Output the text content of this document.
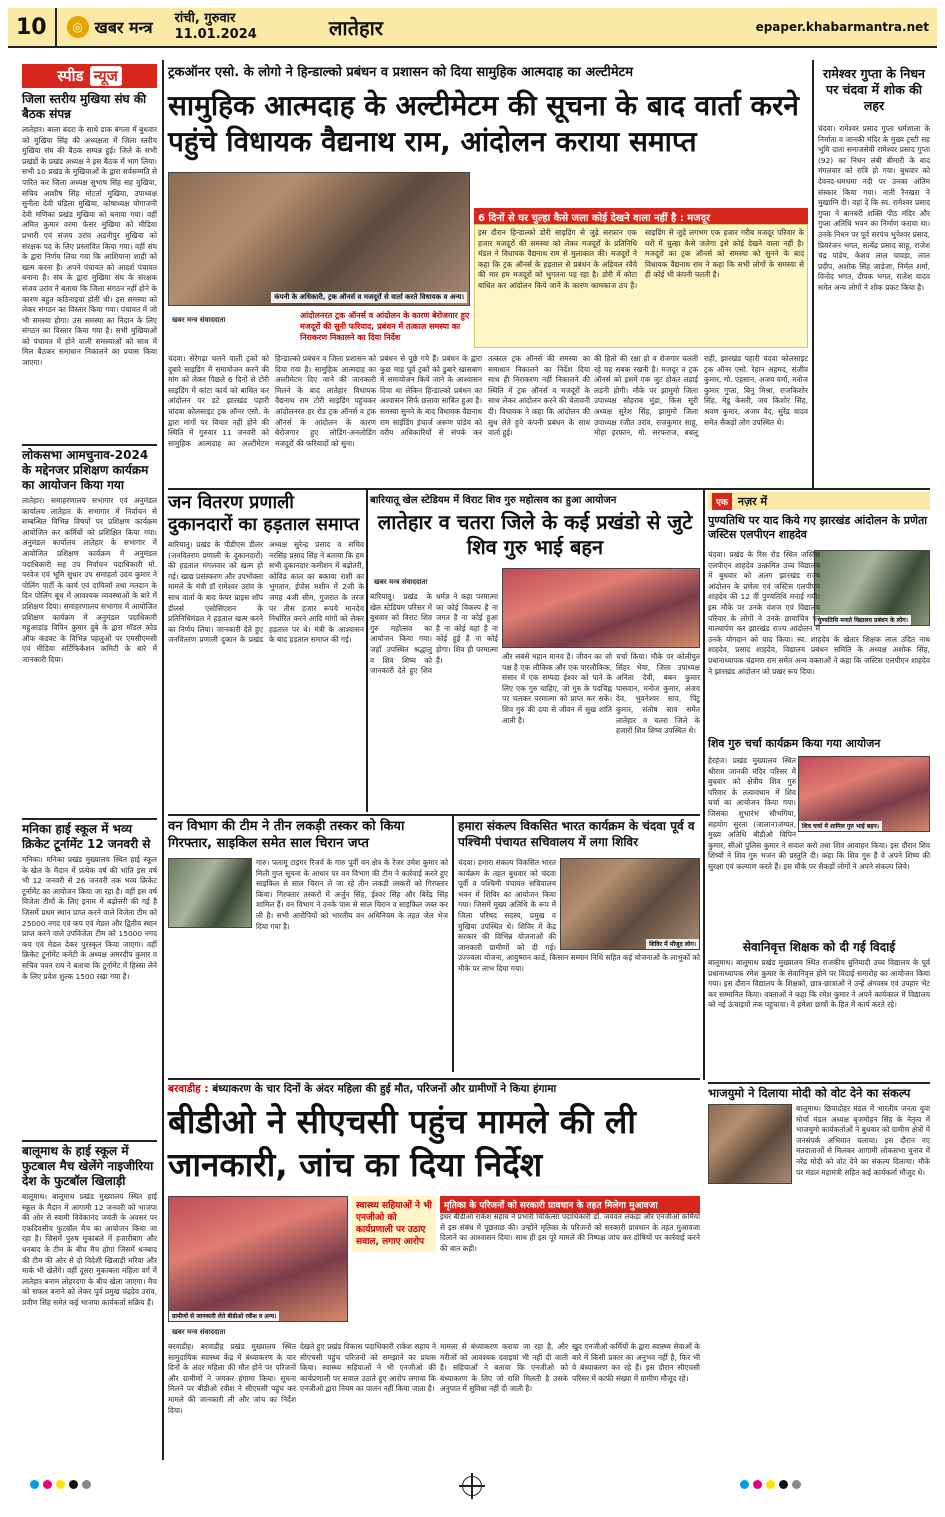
10	◎ खबर मन्त्र रांची, गुरुवार
11.01.2024	लातेहार	epaper.khabarmantra.net
स्पीड न्यूज
जिला स्तरीय मुखिया संघ की बैठक संपन्न
लातेहार। बाला बंदरा के साथे डाक बंगला में बुधवार को मुखिया सिंह की अध्यक्षता में जिला स्तरीय मुखिया संघ की बैठक सम्पन्न हुई। जिले के सभी प्रखंडों के प्रखंड अध्यक्ष ने इस बैठक में भाग लिया। सभी 10 प्रखंड के मुखियाओं के द्वारा सर्वसम्मति से पारित कर जिला अध्यक्ष सुभाष सिंह सह मुखिया, सचिव आशीष सिंह मोटर्ता मुखिया, उपाध्यक्ष सुनीता देवी चंडिला मुखिया, कोषाध्यक्ष योगाजनी देवी मणिका प्रखंड मुखिया को बनाया गया। वहीं अमित कुमार वरमा फेसर मुखिया को मीडिया प्रभारी एवं संजय उरांव अडनीपुर मुखिया को संरक्षक पद के लिए प्रस्तावित किया गया। वहीं संघ के द्वारा निर्णय लिया गया कि आशियाना शाही को खत्म करना है। अपने पंचायत को आदर्श पंचायत बनाना है। संघ के द्वारा मुखिया संघ के संरक्षक संजय उरांव ने बताया कि जिला संगठन नहीं होने के कारण बहुत कठिनाइयां होती थी। इस समस्या को लेकर संगठन का विस्तार किया गया। पंचायत में जो भी समस्या होगा। उस समस्या का निदान के लिए संगठन का विस्तार किया गया है। सभी मुखियाओं को पंचायत में होने वाली समस्याओं को साथ में मिल बैठकर समाधान निकालने का प्रयास किया जाएगा।
लोकसभा आमचुनाव-2024 के मद्देनजर प्रशिक्षण कार्यक्रम का आयोजन किया गया
लातेहार। समाहरणालय सभागार एवं अनुमंडल कार्यालय लातेहार के सभागार में निर्वाचन से सम्बन्धित विभिन्न विषयों पर प्रशिक्षण कार्यक्रम आयोजित कर कर्मियों को प्रशिक्षित किया गया। अनुमंडल कार्यालय लातेहार के सभागार में आयोजित प्रशिक्षण कार्यक्रम में अनुमंडल पदाधिकारी सह उप निर्वाचन पदाधिकारी मो. परवेज एवं भूमि सुधार उप समाहर्ता उदय कुमार ने पोलिंग पार्टी के कार्य एवं दायित्वों तथा मतदान के दिन पोलिंग बूथ में आवश्यक व्यवस्थाओं के बारे में प्रशिक्षण दिया। समाहरणालय सभागार में आयोजित प्रशिक्षण कार्यक्रम में अनुमंडल पदाधिकारी महुआडांड़ विपिन कुमार दुबे के द्वारा मॉडल कोड ऑफ कंडक्ट के विभिन्न पहलुओं पर एमसीएमसी एवं मीडिया सर्टिफिकेशन कमिटी के बारे में जानकारी दिया।
मनिका हाई स्कूल में भव्य क्रिकेट टूर्नामेंट 12 जनवरी से
मनिका। मनिका प्रखंड मुख्यालय स्थित हाई स्कूल के खेल के मैदान में प्रत्येक वर्ष की भांति इस वर्ष भी 12 जनवरी से 26 जनवरी तक भव्य क्रिकेट टूर्नामेंट का आयोजन किया जा रहा है। वहीं इस वर्ष विजेता टीमों के लिए इनाम में बढ़ोत्तरी की गई है जिसमें प्रथम स्थान प्राप्त करने वाले विजेता टीम को 25000 नगद एवं कप एवं मेडल और द्वितीय स्थान प्राप्त करने वाले उपविजेता टीम को 15000 नगद कप एवं मेडल देकर पुरस्कृत किया जाएगा। वहीं क्रिकेट टूर्नामेंट कमेटी के अध्यक्ष अमरदीप कुमार व सचिव पवन राय ने बताया कि टूर्नामेंट में हिस्सा लेने के लिए प्रवेश शुल्क 1500 रखा गया है।
बालूमाथ के हाई स्कूल में फुटबाल मैच खेलेंगे नाइजीरिया देश के फुटबॉल खिलाड़ी
बालूमाथ। बालूमाथ प्रखंड मुख्यालय स्थित हाई स्कूल के मैदान में आगामी 12 जनवरी को भाजपा की ओर से स्वामी विवेकानंद जयंती के अवसर पर एकदिवसीय फुटबॉल मैच का आयोजन किया जा रहा है। जिसमें पुरुष मुकाबले में हजारीबाग और धनबाद के टीम के बीच मैच होगा जिसमें धनबाद की टीम की ओर से दो विदेशी खिलाड़ी मरिया और मार्क भी खेलेंगे। वहीं दूसरा मुकाबला महिला वर्ग में लातेहार बनाम लोहरदगा के बीच खेला जाएगा। मैच को सफल बनाने को लेकर पूर्व प्रमुख चंद्रदेव उरांव, प्रवीण सिंह समेत कई भाजपा कार्यकर्ता सक्रिय हैं।
ट्रकऑनर एसो. के लोगो ने हिन्डाल्को प्रबंधन व प्रशासन को दिया सामुहिक आत्मदाह का अल्टीमेटम
सामुहिक आत्मदाह के अल्टीमेटम की सूचना के बाद वार्ता करने पहुंचे विधायक वैद्यनाथ राम, आंदोलन कराया समाप्त
कंपनी के अधिकारी, ट्रक ऑनर्स व मजदूरों से वार्ता करते विधायक व अन्य।
खबर मन्त्र संवाददाता	आंदोलनरत ट्रक ऑनर्स व आंदोलन के कारण बेरोजगार हुए मजदूरों की सुनी फरियाद, प्रबंधन में तत्काल समस्या का निराकरण निकालने का दिया निर्देश
6 दिनों से घर चुल्हा कैसे जला कोई देखने वाला नहीं है : मजदूर
इस दौरान हिन्डाल्को डोरी साइडिंग से जुड़े सरफ़ान एक हजार मजदूरों की समस्या को लेकर मजदूरों के प्रतिनिधि मंडल ने विधायक वैद्यनाथ राम से मुलाकात की। मजदूरों ने कहा कि ट्रक ऑनर्स के हड़ताल से प्रबंधन के अड़ियल रवैये की मार हम मजदूरों को भुगतना पड़ रहा है। डोरी में कोटा बाधित कर आंदोलन किये जाने के कारण कामकाज ठप है। साइडिंग से जुड़े लगभग एक हजार गरीब मजदूर परिवार के घरों में चुल्हा कैसे जलेगा इसे कोई देखने वाला नहीं है। मजदूरों का ट्रक ऑनर्स को समस्या को सुनने के बाद विधायक वैद्यनाथ राम ने कहा कि सभी लोगों के समस्या से ही कोई भी कंपनी चलती है।
चंदवा। सेरेगढ़ा चलने वाली ट्रकों को दुबारे साइडिंग में समायोजन करने की मांग को लेकर पिछले 6 दिनों से टोरी साइडिंग में कांटा कार्य को बाधित कर आंदोलन पर डटे झारखंड पहारी चांदवा कोलसाइट ट्रक ऑनर एसो. के द्वारा मांगों पर विचार नहीं होने की स्थिति में गुरुवार 11 जनवरी को सामुहिक आत्मदाह का अल्टीमेटम हिन्डाल्को प्रबंधन व जिला प्रशासन को दिया गया है। सामुहिक आत्मदाह का अल्टीमेटम दिए जाने की जानकारी मिलने के बाद लातेहार विधायक वैद्यनाथ राम टोरी साइडिंग पहुंचकर आंदोलनरत हर रोड ट्रक ऑनर्स व ट्रक ऑनर्स के आंदोलन के कारण बेरोजगार हुए लोडिंग-अनलोडिंग मजदूरों की फरियादों को सुना।
प्रबंधन से पूछे गये हैं। प्रबंधन के द्वारा कुछ माह पूर्व ट्रकों को डुबारे खासबाग में समायोजन किये जाने के आश्वासन दिया था लेकिन हिन्डाल्को प्रबंधन का अश्वासन सिर्फ छलावा साबित हुआ है। समस्या सुनने के बाद विधायक वैद्यनाथ राम साईडिंग इंचार्ज अरूण पांडेय को वरीय अधिकारियों से संपर्क कर तत्काल ट्रक ऑनर्स की समस्या का समाधान निकालने का निर्देश दिया साथ ही निराकरण नहीं निकालने की स्थिति में ट्रक ऑनर्स व मजदूरों के साथ लेकर आंदोलन करने की चेतावनी दी। विधायक ने कहा कि आंदोलन की सुध लेते हुये कंपनी प्रबंधन के साथ वार्ता हुई।
की हितो की रक्षा हो व रोजगार चलती रहे यह सबक रखनी है। मजदूर व ट्रक ऑनर्स को इसमें एक जुट होकर लड़ाई लड़नी होगी। मौके पर झामुमो जिला उपाध्यक्ष सोहराब मुंडा, किस सूरी अध्यक्ष सुरेश सिंह, झामुमो जिला उपाध्यक्ष रंजीत उरांव, राजकुमार साहू, मोहा इरफान, मो. सरफराज, बबलू राही, झारखंड पहारी चंदवा कोलसाइट ट्रक ऑनर एसो. रेहान अहमद, संजीव कुमार, मो. एहसान, अजय वर्मा, मनोज कुमार गुप्ता, बिनु मिश्रा, राजकिशोर सिंह, मेडू केसरी, जय किशोर सिंह, श्रवण कुमार, अजय वैद, सुरेंद्र यादव समेत सैकड़ों लोग उपस्थित थे।
रामेश्वर गुप्ता के निधन पर चंदवा में शोक की लहर
चंदवा। रामेश्वर प्रसाद गुप्ता धर्मशाला के निर्माता व जानकी मंदिर के मुख्य ट्रस्टी सह भूमि दाता समाजसेवी रामेश्वर प्रसाद गुप्ता (92) का निधन लंबी बीमारी के बाद मंगलवार को रात्रि हो गया। बुधवार को देवनद-धमधमा नदी पर उनका अंतिम संस्कार किया गया। नाती रैनखरा ने मुखाग्नि दी। वहां दें कि स्व. रामेश्वर प्रसाद गुप्ता ने बानबरी शक्ति पीठ मंदिर और गुप्ता अतिथि भवन का निर्माण कराया था। उनके निधन पर पूर्व सरपंच भुनेश्वर प्रसाद, प्रियरंजन भगत, सत्येंद्र प्रसाद साहू, राजेश चंद्र पांडेय, केशव लाल चावड़ा, लाल प्रदीप, अशोक सिंह जाड़ेजा, निर्मल शर्मा, विनोद भगत, दीपक भगत, राजेश यादव समेत अन्य लोगों ने शोक प्रकट किया है।
जन वितरण प्रणाली दुकानदारों का हड़ताल समाप्त
बारियातू। प्रखंड के पीडीएस डीलर (जनवितरण प्रणाली के दुकानदारों) की हड़ताल मंगलवार को खत्म हो गई। खाद्य प्रसंस्करण और उपभोक्ता मामले के मंत्री डॉ रामेश्वर उरांव के साथ वार्ता के बाद फेयर प्राइस शॉप डीलर्स एसोसिएशन के प्रतिनिधिमंडल ने हड़ताल खत्म करने का निर्णय लिया। जानकारी देते हुए जनवितरण प्रणाली दुकान के प्रखंड अध्यक्ष सुरेन्द्र प्रसाद व सचिव नरसिंह प्रसाद सिंह ने बताया कि हम सभी दुकानदार कमीशन में बढ़ोतरी, कोविड काल का बकाया राशी का भुगतान, ईपोस मशीन में 2जी के जगह 4जी सीम, गुजरात के तरज पर तीस हजार रूपये मानदेय निर्धारित करने आदि मांगों को लेकर हड़ताल पर थे। मंत्री के आश्वासन के बाद हड़ताल समाप्त की गई।
बारियातू खेल स्टेडियम में विराट शिव गुरु महोत्सव का हुआ आयोजन
लातेहार व चतरा जिले के कई प्रखंडो से जुटे शिव गुरु भाई बहन
खबर मन्त्र संवाददाता
बारियातू। प्रखंड के खेल स्टेडियम परिसर में बुधवार को विराट शिव गुरु महोत्सव का आयोजन किया गया। जहाँ उपस्थित श्रद्धालु व शिव शिष्य को जानकारी देते हुए शिव धर्मज्ञ ने कहा परमात्मा का कोई विकल्प है ना जगत है ना कोई हुआ है ना कोई यहां है ना कोई हुई है ना कोई होगा। शिव ही परमात्मा हैं।	और सबसे महान मानव है। जीवन का जो पक्ष है एक लौकिक और एक पारलौकिक, संसार में एक सम्पदा ईश्वर को पाने के लिए एक गुरु चाहिए, जो गुरु के पदचिह्न पर चलकर परमात्मा को प्राप्त कर सके। शिव गुरु की दया से जीवन में सुख शांति आती है।
चर्चा किया। मौके पर कोलीयुत सिंहर भेया, जिला उपाध्यक्ष अनिता देवी, बबन कुमार पासवान, मनोज कुमार, अंजय देव, भुवनेश्वर साव, पिंटू कुमार, संतोष साव समेत लातेहार व चतरा जिले के हजारों शिव शिष्य उपस्थित थे।
एक नज़र में
पुण्यतिथि पर याद किये गए झारखंड आंदोलन के प्रणेता जस्टिस एलपीएन शाहदेव
पुण्यतिथि मनाते विद्यालय प्रबंधन के लोग।
चंदवा। प्रखंड के रिस रोड स्थित जस्टिस एलपीएन शाहदेव उत्क्रमित उच्च विद्यालय में बुधवार को अलग झारखंड राज्य आंदोलन के प्रणेता एवं जस्टिस एलपीएन शाहदेव की 12 वीं पुण्यतिथि मनाई गयी। इस मौके पर उनके वंशज एवं विद्यालय परिवार के लोगों ने उनके छायाचित्र पर माल्यार्पण कर झारखंड राज्य आंदोलन में उनके योगदान को याद किया। स्व. शाहदेव के खेतार शिक्षक लाल उदित नाथ शाहदेव, प्रसाद शाहदेव, विद्यालय प्रबंधन समिति के अध्यक्ष अशोक सिंह, प्रधानाध्यापक चंद्रमण राम समेत अन्य वक्ताओं ने कहा कि जस्टिस एलपीएन शाहदेव ने झारखंड आंदोलन को प्रखर रूप दिया।
शिव गुरु चर्चा कार्यक्रम किया गया आयोजन
शिव चर्चा में शामिल गुरु भाई बहन।
हेरहंज। प्रखंड मुख्यालय स्थित श्रीराम जानकी मंदिर परिसर में बुधवार को क्षेत्रीय शिव गुरु परिवार के तत्वावधान में शिव चर्चा का आयोजन किया गया। जिसका शुभारंभ सौभगिया, सहयोग सुरता (जालान)जंग्यत, मुख्य अतिथि बीडीओ विपिन कुमार, सीओ पुलिस कुमार ने सवाल करो तथा शिव आवाहन किया। इस दौरान शिव शिष्यों ने शिव गुरु भजन की प्रस्तुति दी। कहा कि शिव गुरु हैं वे अपने शिष्य की सुरक्षा एवं कल्याण करते हैं। इस मौके पर सैकड़ों लोगों ने अपने संकल्प लिये।
सेवानिवृत्त शिक्षक को दी गई विदाई
बालूमाथ। बालूमाथ प्रखंड मुख्यालय स्थित राजकीय बुनियादी उच्च विद्यालय के पूर्व प्रधानाध्यापक रमेश कुमार के सेवानिवृत्त होने पर विदाई समारोह का आयोजन किया गया। इस दौरान विद्यालय के शिक्षकों, छात्र-छात्राओं ने उन्हें अंगवस्त्र एवं उपहार भेंट कर सम्मानित किया। वक्ताओं ने कहा कि रमेश कुमार ने अपने कार्यकाल में विद्यालय को नई ऊंचाइयों तक पहुंचाया। वे हमेशा छात्रों के हित में कार्य करते रहे।
वन विभाग की टीम ने तीन लकड़ी तस्कर को किया गिरफ्तार, साइकिल समेत साल चिरान जप्त
गारु। पलामू टाइगर रिजर्व के गारु पूर्वी वन क्षेत्र के रेंजर उमेश कुमार को मिली गुप्त सूचना के आधार पर वन विभाग की टीम ने कार्रवाई करते हुए साइकिल से साल चिरान ले जा रहे तीन लकड़ी तस्करों को गिरफ्तार किया। गिरफ्तार तस्करों में अर्जुन सिंह, ईश्वर सिंह और बिरेंद्र सिंह शामिल हैं। वन विभाग ने उनके पास से साल चिरान व साइकिल जब्त कर ली है। सभी आरोपियों को भारतीय वन अधिनियम के तहत जेल भेज दिया गया है।
हमारा संकल्प विकसित भारत कार्यक्रम के चंदवा पूर्व व पश्चिमी पंचायत सचिवालय में लगा शिविर
शिविर में मौजूद लोग।
चंदवा। हमारा संकल्प विकसित भारत कार्यक्रम के तहत बुधवार को चंदवा पूर्वी व पश्चिमी पंचायत सचिवालय भवन में शिविर का आयोजन किया गया। जिसमें मुख्य अतिथि के रूप में जिला परिषद सदस्य, प्रमुख व मुखिया उपस्थित थे। शिविर में केंद्र सरकार की विभिन्न योजनाओं की जानकारी ग्रामीणों को दी गई। उज्ज्वला योजना, आयुष्मान कार्ड, किसान सम्मान निधि सहित कई योजनाओं के लाभुकों को मौके पर लाभ दिया गया।
बरवाडीह : बंध्याकरण के चार दिनों के अंदर महिला की हुई मौत, परिजनों और ग्रामीणों ने किया हंगामा
बीडीओ ने सीएचसी पहुंच मामले की ली जानकारी, जांच का दिया निर्देश
ग्रामीणों से जानकारी लेते बीडीओ रवीश व अन्य।
स्वास्थ्य सहियाओं ने भी एनजीओ को कार्यप्रणाली पर उठाए सवाल, लगाए आरोप
मृतिका के परिजनों को सरकारी प्रावधान के तहत मिलेगा मुआवजा
इधर बीडीओ राकेश सहाय ने प्रभारी चिकित्सा पदाधिकारी डॉ. जयवंत लकड़ा और एनजीओ कर्मियों से इस संबंध में पूछताछ की। उन्होंने मृतिका के परिजनों को सरकारी प्रावधान के तहत मुआवजा दिलाने का आश्वासन दिया। साथ ही इस पूरे मामले की निष्पक्ष जांच कर दोषियों पर कार्रवाई करने की बात कही।
खबर मन्त्र संवाददाता
बरवाडीह। बरवाडीह प्रखंड मुख्यालय स्थित सामुदायिक स्वास्थ्य केंद्र में बंध्याकरण के चार दिनों के अंदर महिला की मौत होने पर परिजनों और ग्रामीणों ने जमकर हंगामा किया। सूचना मिलने पर बीडीओ रवीश ने सीएचसी पहुंच कर मामले की जानकारी ली और जांच का निर्देश दिया।
देखते हुए प्रखंड विकास पदाधिकारी राकेश सहाय ने सीएचसी पहुंच परिजनों को समझाने का प्रयास किया। स्वास्थ्य सहियाओं ने भी एनजीओ की कार्यप्रणाली पर सवाल उठाते हुए आरोप लगाया कि एनजीओ द्वारा नियम का पालन नहीं किया जाता है।
मामला से बंध्याकरण कराया जा रहा है, और मरीजों को आवश्यक दवाइयां भी नहीं दी जाती है। सहियाओं ने बताया कि एनजीओ को बंध्याकरण के लिए जो राशि मिलती है उसके अनुपात में सुविधा नहीं दी जाती है।
खुद एनजीओ कर्मियों के द्वारा स्वास्थ्य सेवाओं के बारे में किसी प्रकार का अनुभव नहीं है, फिर भी वे बंध्याकरण कर रहे हैं। इस दौरान सीएचसी परिसर में काफी संख्या में ग्रामीण मौजूद रहे।
भाजयुमो ने दिलाया मोदी को वोट देने का संकल्प
बालूमाथ। छिपादोहर मंडल में भारतीय जनता युवा मोर्चा मंडल अध्यक्ष बृजमोहन सिंह के नेतृत्व में भाजयुमो कार्यकर्ताओं ने बुधवार को ग्रामीण क्षेत्रों में जनसंपर्क अभियान चलाया। इस दौरान नए मतदाताओं से मिलकर आगामी लोकसभा चुनाव में नरेंद्र मोदी को वोट देने का संकल्प दिलाया। मौके पर मंडल महामंत्री सहित कई कार्यकर्ता मौजूद थे।
